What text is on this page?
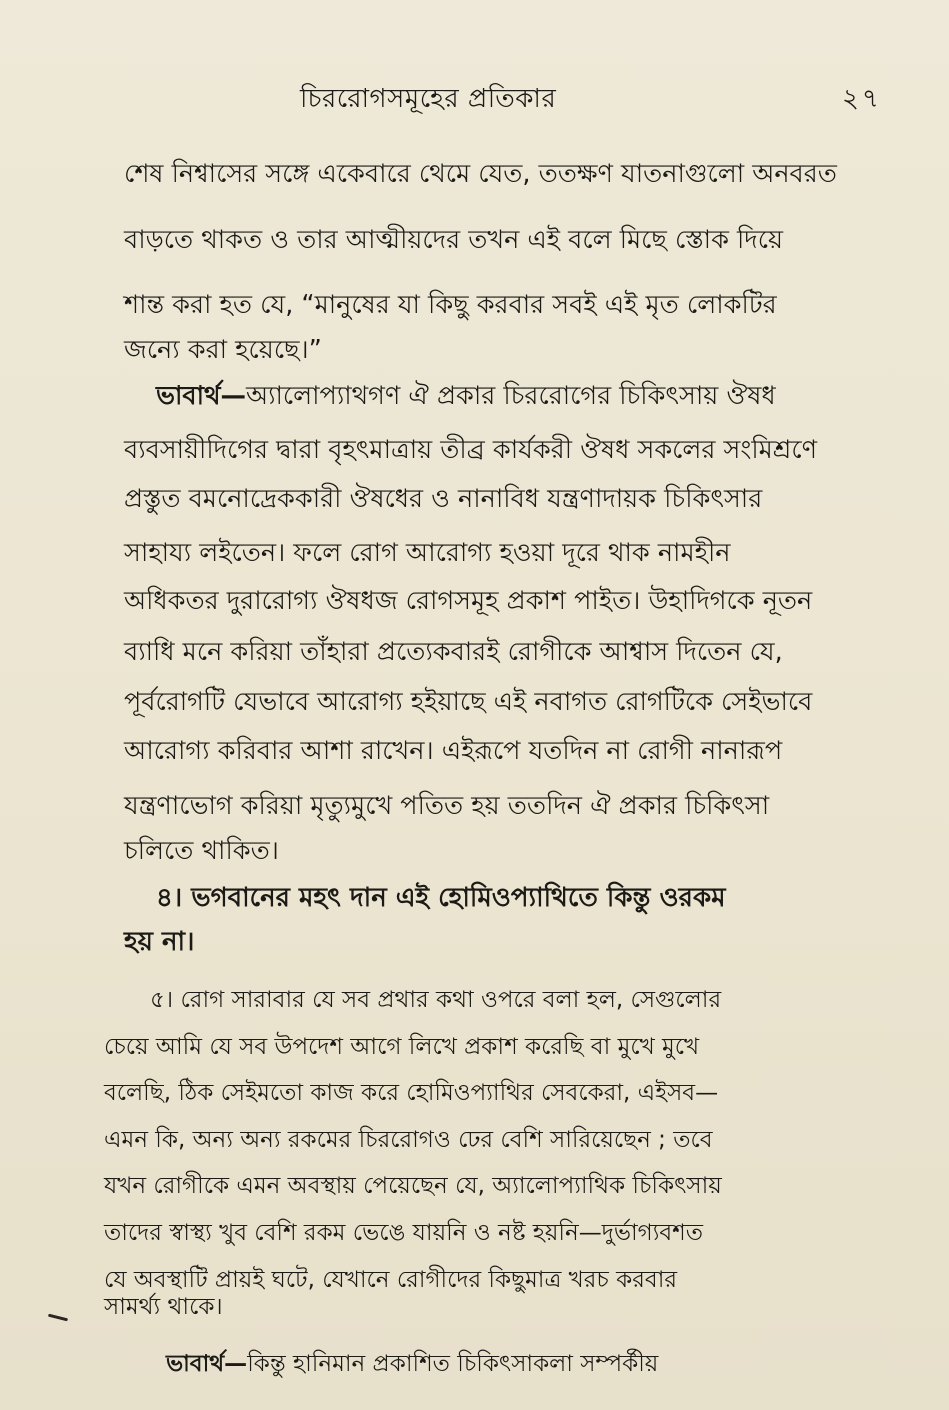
চিররোগসমূহের প্রতিকার	২৭
শেষ নিশ্বাসের সঙ্গে একেবারে থেমে যেত, ততক্ষণ যাতনাগুলো অনবরত
বাড়তে থাকত ও তার আত্মীয়দের তখন এই বলে মিছে স্তোক দিয়ে
শান্ত করা হত যে, “মানুষের যা কিছু করবার সবই এই মৃত লোকটির
জন্যে করা হয়েছে।”
ভাবার্থ—অ্যালোপ্যাথগণ ঐ প্রকার চিররোগের চিকিৎসায় ঔষধ
ব্যবসায়ীদিগের দ্বারা বৃহৎমাত্রায় তীব্র কার্যকরী ঔষধ সকলের সংমিশ্রণে
প্রস্তুত বমনোদ্রেককারী ঔষধের ও নানাবিধ যন্ত্রণাদায়ক চিকিৎসার
সাহায্য লইতেন। ফলে রোগ আরোগ্য হওয়া দূরে থাক নামহীন
অধিকতর দুরারোগ্য ঔষধজ রোগসমূহ প্রকাশ পাইত। উহাদিগকে নূতন
ব্যাধি মনে করিয়া তাঁহারা প্রত্যেকবারই রোগীকে আশ্বাস দিতেন যে,
পূর্বরোগটি যেভাবে আরোগ্য হইয়াছে এই নবাগত রোগটিকে সেইভাবে
আরোগ্য করিবার আশা রাখেন। এইরূপে যতদিন না রোগী নানারূপ
যন্ত্রণাভোগ করিয়া মৃত্যুমুখে পতিত হয় ততদিন ঐ প্রকার চিকিৎসা
চলিতে থাকিত।
৪। ভগবানের মহৎ দান এই হোমিওপ্যাথিতে কিন্তু ওরকম
হয় না।
৫। রোগ সারাবার যে সব প্রথার কথা ওপরে বলা হল, সেগুলোর
চেয়ে আমি যে সব উপদেশ আগে লিখে প্রকাশ করেছি বা মুখে মুখে
বলেছি, ঠিক সেইমতো কাজ করে হোমিওপ্যাথির সেবকেরা, এইসব—
এমন কি, অন্য অন্য রকমের চিররোগও ঢের বেশি সারিয়েছেন ; তবে
যখন রোগীকে এমন অবস্থায় পেয়েছেন যে, অ্যালোপ্যাথিক চিকিৎসায়
তাদের স্বাস্থ্য খুব বেশি রকম ভেঙে যায়নি ও নষ্ট হয়নি—দুর্ভাগ্যবশত
যে অবস্থাটি প্রায়ই ঘটে, যেখানে রোগীদের কিছুমাত্র খরচ করবার
সামর্থ্য থাকে।
ভাবার্থ—কিন্তু হানিমান প্রকাশিত চিকিৎসাকলা সম্পর্কীয়
